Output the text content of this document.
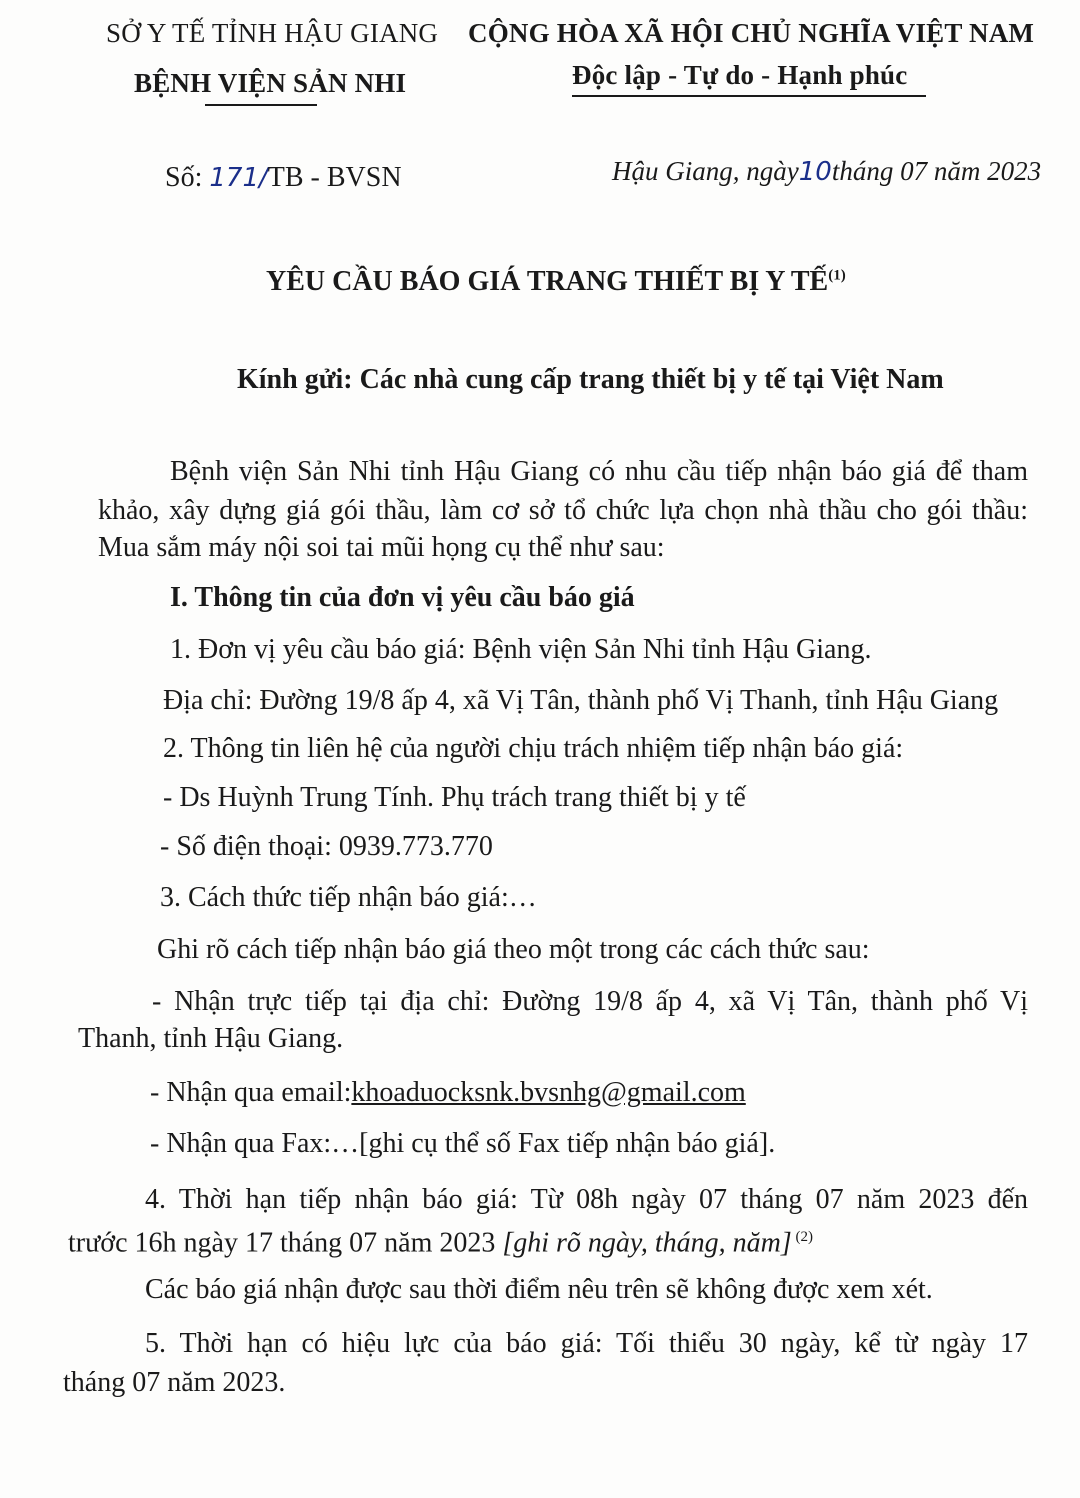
SỞ Y TẾ TỈNH HẬU GIANG
BỆNH VIỆN SẢN NHI
CỘNG HÒA XÃ HỘI CHỦ NGHĨA VIỆT NAM
Độc lập - Tự do - Hạnh phúc
Số: 171/TB - BVSN	Hậu Giang, ngày10tháng 07 năm 2023
YÊU CẦU BÁO GIÁ TRANG THIẾT BỊ Y TẾ$^{(1)}$
Kính gửi: Các nhà cung cấp trang thiết bị y tế tại Việt Nam
Bệnh viện Sản Nhi tỉnh Hậu Giang có nhu cầu tiếp nhận báo giá để tham
khảo, xây dựng giá gói thầu, làm cơ sở tổ chức lựa chọn nhà thầu cho gói thầu:
Mua sắm máy nội soi tai mũi họng cụ thể như sau:
I. Thông tin của đơn vị yêu cầu báo giá
1. Đơn vị yêu cầu báo giá: Bệnh viện Sản Nhi tỉnh Hậu Giang.
Địa chỉ: Đường 19/8 ấp 4, xã Vị Tân, thành phố Vị Thanh, tỉnh Hậu Giang
2. Thông tin liên hệ của người chịu trách nhiệm tiếp nhận báo giá:
- Ds Huỳnh Trung Tính. Phụ trách trang thiết bị y tế
- Số điện thoại: 0939.773.770
3. Cách thức tiếp nhận báo giá:…
Ghi rõ cách tiếp nhận báo giá theo một trong các cách thức sau:
- Nhận trực tiếp tại địa chỉ: Đường 19/8 ấp 4, xã Vị Tân, thành phố Vị
Thanh, tỉnh Hậu Giang.
- Nhận qua email:khoaduocksnk.bvsnhg@gmail.com
- Nhận qua Fax:…[ghi cụ thể số Fax tiếp nhận báo giá].
4. Thời hạn tiếp nhận báo giá: Từ 08h ngày 07 tháng 07 năm 2023 đến
trước 16h ngày 17 tháng 07 năm 2023 [ghi rõ ngày, tháng, năm] $^{(2)}$
Các báo giá nhận được sau thời điểm nêu trên sẽ không được xem xét.
5. Thời hạn có hiệu lực của báo giá: Tối thiểu 30 ngày, kể từ ngày 17
tháng 07 năm 2023.
